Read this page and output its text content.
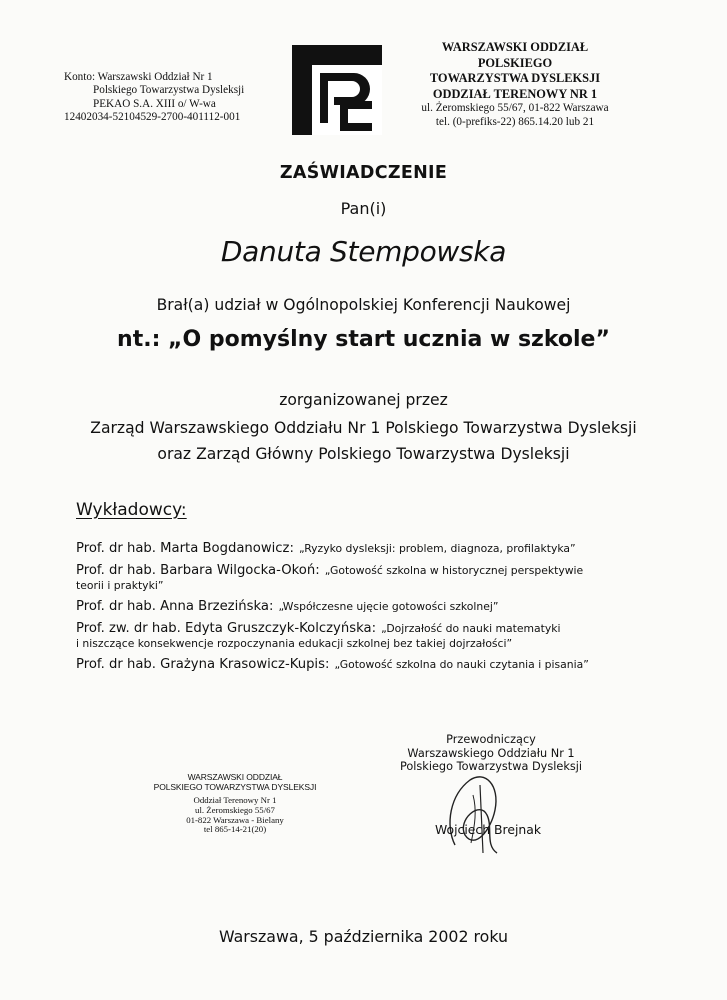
Konto: Warszawski Oddział Nr 1
Polskiego Towarzystwa Dysleksji
PEKAO S.A. XIII o/ W-wa
12402034-52104529-2700-401112-001
WARSZAWSKI ODDZIAŁ
POLSKIEGO
TOWARZYSTWA DYSLEKSJI
ODDZIAŁ TERENOWY NR 1
ul. Żeromskiego 55/67, 01-822 Warszawa
tel. (0-prefiks-22) 865.14.20 lub 21
ZAŚWIADCZENIE
Pan(i)
Danuta Stempowska
Brał(a) udział w Ogólnopolskiej Konferencji Naukowej
nt.: „O pomyślny start ucznia w szkole”
zorganizowanej przez
Zarząd Warszawskiego Oddziału Nr 1 Polskiego Towarzystwa Dysleksji
oraz Zarząd Główny Polskiego Towarzystwa Dysleksji
Wykładowcy:
Prof. dr hab. Marta Bogdanowicz: „Ryzyko dysleksji: problem, diagnoza, profilaktyka”
Prof. dr hab. Barbara Wilgocka-Okoń: „Gotowość szkolna w historycznej perspektywie
teorii i praktyki”
Prof. dr hab. Anna Brzezińska: „Współczesne ujęcie gotowości szkolnej”
Prof. zw. dr hab. Edyta Gruszczyk-Kolczyńska: „Dojrzałość do nauki matematyki
i niszczące konsekwencje rozpoczynania edukacji szkolnej bez takiej dojrzałości”
Prof. dr hab. Grażyna Krasowicz-Kupis: „Gotowość szkolna do nauki czytania i pisania”
Przewodniczący
Warszawskiego Oddziału Nr 1
Polskiego Towarzystwa Dysleksji
Wojciech Brejnak
WARSZAWSKI ODDZIAŁ
POLSKIEGO TOWARZYSTWA DYSLEKSJI
Oddział Terenowy Nr 1
ul. Żeromskiego 55/67
01-822 Warszawa - Bielany
tel 865-14-21(20)
Warszawa, 5 października 2002 roku
